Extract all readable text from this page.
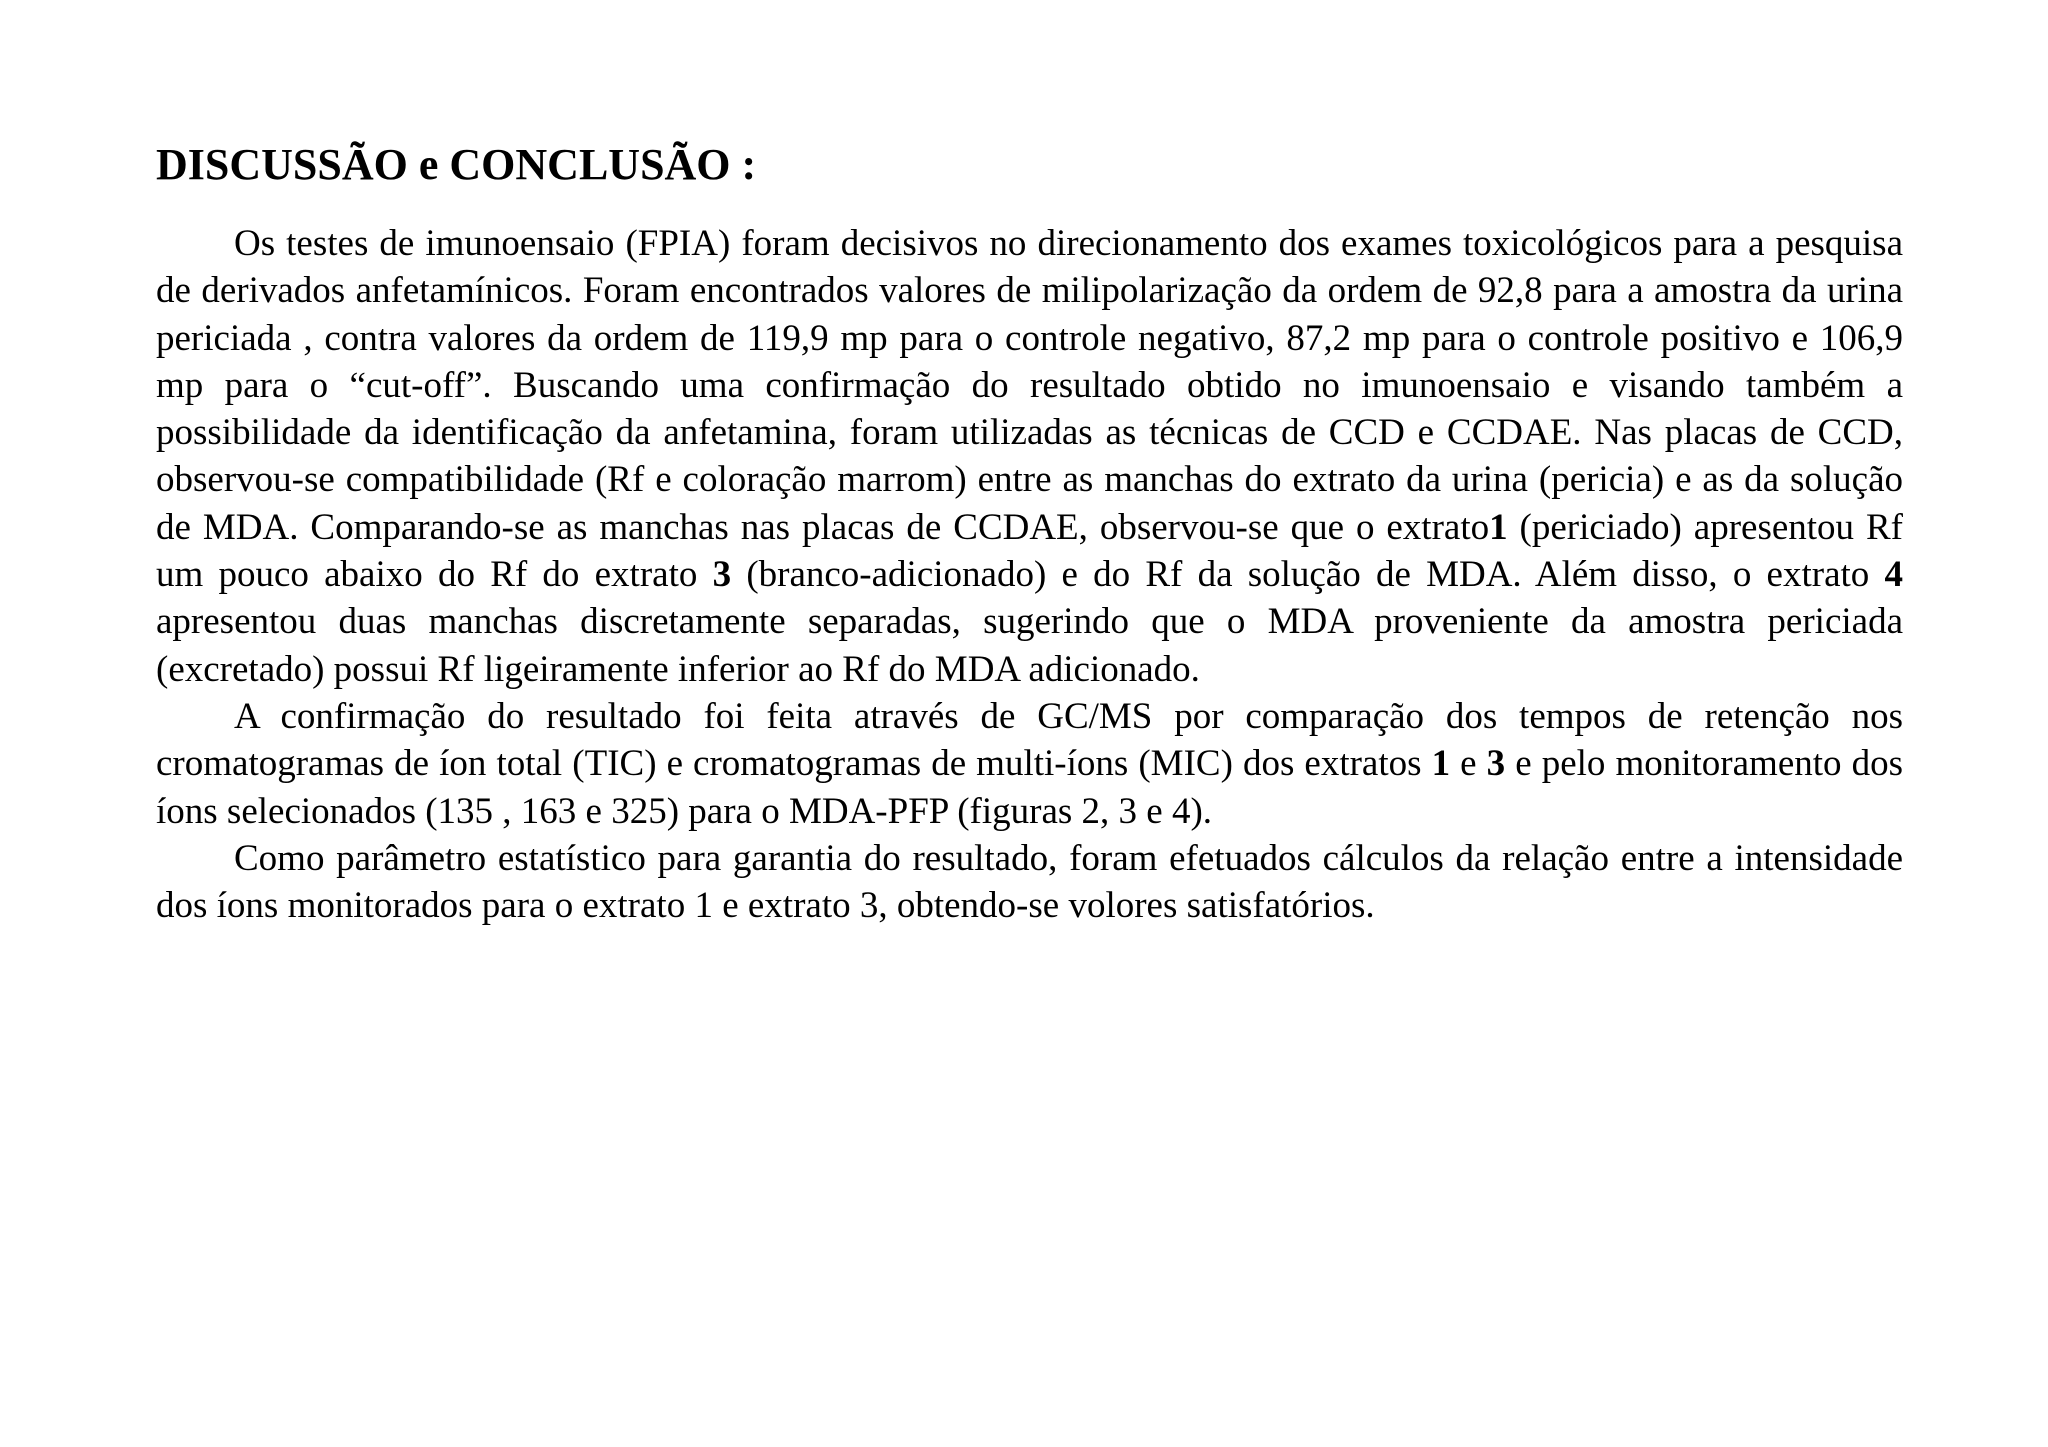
DISCUSSÃO e CONCLUSÃO :

Os testes de imunoensaio (FPIA) foram decisivos no direcionamento dos exames toxicológicos para a pesquisa de derivados anfetamínicos. Foram encontrados valores de milipolarização da ordem de 92,8 para a amostra da urina periciada , contra valores da ordem de 119,9 mp para o controle negativo, 87,2 mp para o controle positivo e 106,9 mp para o “cut-off”. Buscando uma confirmação do resultado obtido no imunoensaio e visando também a possibilidade da identificação da anfetamina, foram utilizadas as técnicas de CCD e CCDAE. Nas placas de CCD, observou-se compatibilidade (Rf e coloração marrom) entre as manchas do extrato da urina (pericia) e as da solução de MDA. Comparando-se as manchas nas placas de CCDAE, observou-se que o extrato1 (periciado) apresentou Rf um pouco abaixo do Rf do extrato 3 (branco-adicionado) e do Rf da solução de MDA. Além disso, o extrato 4 apresentou duas manchas discretamente separadas, sugerindo que o MDA proveniente da amostra periciada (excretado) possui Rf ligeiramente inferior ao Rf do MDA adicionado.

A confirmação do resultado foi feita através de GC/MS por comparação dos tempos de retenção nos cromatogramas de íon total (TIC) e cromatogramas de multi-íons (MIC) dos extratos 1 e 3 e pelo monitoramento dos íons selecionados (135 , 163 e 325) para o MDA-PFP (figuras 2, 3 e 4).

Como parâmetro estatístico para garantia do resultado, foram efetuados cálculos da relação entre a intensidade dos íons monitorados para o extrato 1 e extrato 3, obtendo-se volores satisfatórios.
